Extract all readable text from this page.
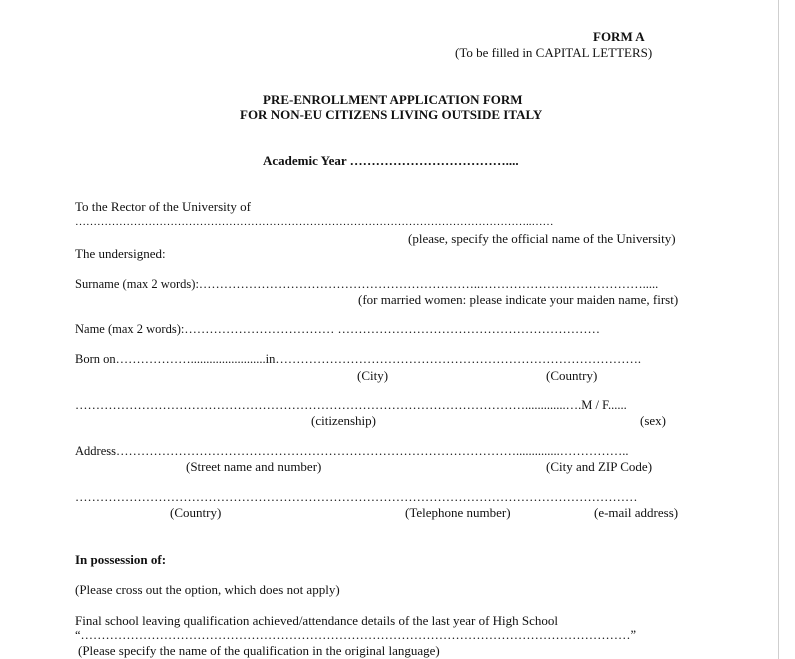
FORM A
(To be filled in CAPITAL LETTERS)
PRE-ENROLLMENT APPLICATION FORM
FOR NON-EU CITIZENS LIVING OUTSIDE ITALY
Academic Year ………………………………....
To the Rector of the University of
……………………………………………………………………………………………………………..……
(please, specify the official name of the University)
The undersigned:
Surname (max 2 words):…………………………………………………………..………………………………….....
(for married women: please indicate your maiden name, first)
Name (max 2 words):……………………………… ………………………………………………………
Born on………………........................in…………………………………………………………………………….
(City)	(Country)
……………………………………………………………………………………………….............….M / F......
(citizenship)	(sex)
Address……………………………………………………………………………………..............……………..
(Street name and number)	(City and ZIP Code)
………………………………………………………………………………………………………………………
(Country)	(Telephone number)	(e-mail address)
In possession of:
(Please cross out the option, which does not apply)
Final school leaving qualification achieved/attendance details of the last year of High School
“……………………………………………………………………………………………………………………”
(Please specify the name of the qualification in the original language)
